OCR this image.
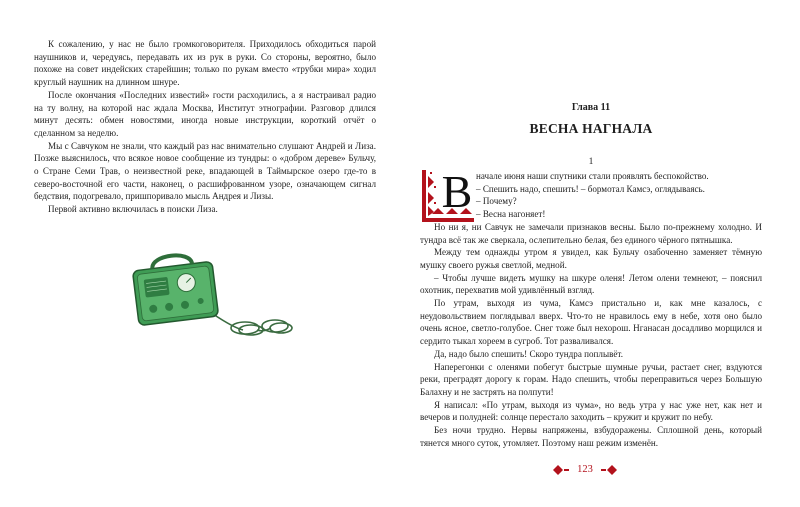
К сожалению, у нас не было громкоговорителя. Приходилось обходиться парой наушников и, чередуясь, передавать их из рук в руки. Со стороны, вероятно, было похоже на совет индейских старейшин; только по рукам вместо «трубки мира» ходил круглый наушник на длинном шнуре.

После окончания «Последних известий» гости расходились, а я настраивал радио на ту волну, на которой нас ждала Москва, Институт этнографии. Разговор длился минут десять: обмен новостями, иногда новые инструкции, короткий отчёт о сделанном за неделю.

Мы с Савчуком не знали, что каждый раз нас внимательно слушают Андрей и Лиза. Позже выяснилось, что всякое новое сообщение из тундры: о «добром дереве» Бульчу, о Стране Семи Трав, о неизвестной реке, впадающей в Таймырское озеро где-то в северо-восточной его части, наконец, о расшифрованном узоре, означающем сигнал бедствия, подогревало, пришпоривало мысль Андрея и Лизы.

Первой активно включилась в поиски Лиза.

Глава 11
ВЕСНА НАГНАЛА
1
В начале июня наши спутники стали проявлять беспокойство.

– Спешить надо, спешить! – бормотал Камсэ, оглядываясь.

– Почему?

– Весна нагоняет!

Но ни я, ни Савчук не замечали признаков весны. Было по-прежнему холодно. И тундра всё так же сверкала, ослепительно белая, без единого чёрного пятнышка.

Между тем однажды утром я увидел, как Бульчу озабоченно заменяет тёмную мушку своего ружья светлой, медной.

– Чтобы лучше видеть мушку на шкуре оленя! Летом олени темнеют, – пояснил охотник, перехватив мой удивлённый взгляд.

По утрам, выходя из чума, Камсэ пристально и, как мне казалось, с неудовольствием поглядывал вверх. Что-то не нравилось ему в небе, хотя оно было очень ясное, светло-голубое. Снег тоже был нехорош. Нганасан досадливо морщился и сердито тыкал хореем в сугроб. Тот разваливался.

Да, надо было спешить! Скоро тундра поплывёт.

Наперегонки с оленями побегут быстрые шумные ручьи, растает снег, вздуются реки, преградят дорогу к горам. Надо спешить, чтобы переправиться через Большую Балахну и не застрять на полпути!

Я написал: «По утрам, выходя из чума», но ведь утра у нас уже нет, как нет и вечеров и полудней: солнце перестало заходить – кружит и кружит по небу.

Без ночи трудно. Нервы напряжены, взбудоражены. Сплошной день, который тянется много суток, утомляет. Поэтому наш режим изменён.

123
